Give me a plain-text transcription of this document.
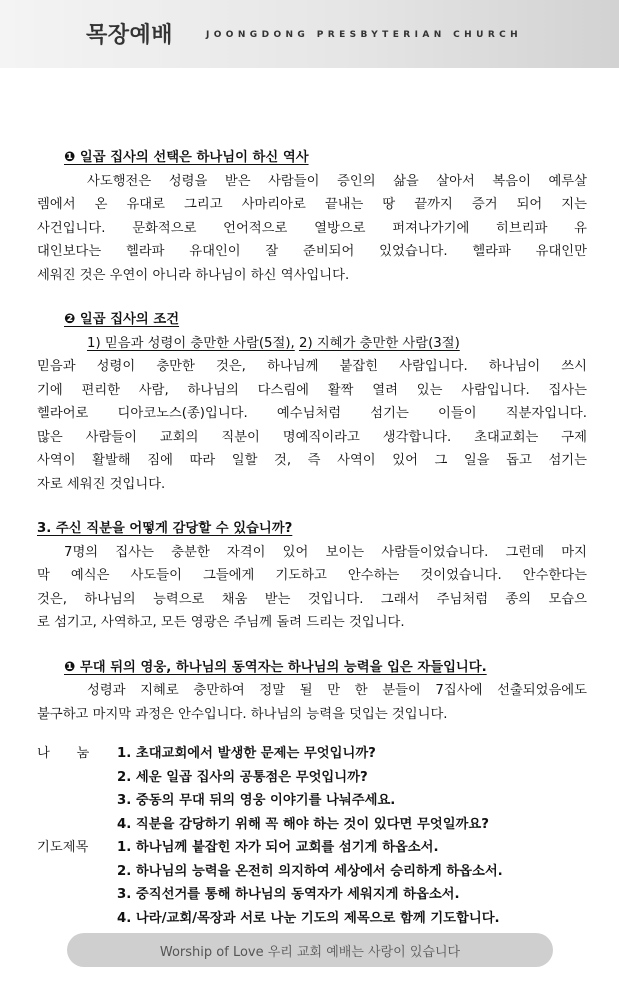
목장예배	JOONGDONG PRESBYTERIAN CHURCH
❶ 일곱 집사의 선택은 하나님이 하신 역사
사도행전은 성령을 받은 사람들이 증인의 삶을 살아서 복음이 예루살
렘에서 온 유대로 그리고 사마리아로 끝내는 땅 끝까지 증거 되어 지는
사건입니다. 문화적으로 언어적으로 열방으로 퍼져나가기에 히브리파 유
대인보다는 헬라파 유대인이 잘 준비되어 있었습니다. 헬라파 유대인만
세워진 것은 우연이 아니라 하나님이 하신 역사입니다.
❷ 일곱 집사의 조건
1) 믿음과 성령이 충만한 사람(5절), 2) 지혜가 충만한 사람(3절)
믿음과 성령이 충만한 것은, 하나님께 붙잡힌 사람입니다. 하나님이 쓰시
기에 편리한 사람, 하나님의 다스림에 활짝 열려 있는 사람입니다. 집사는
헬라어로 디아코노스(종)입니다. 예수님처럼 섬기는 이들이 직분자입니다.
많은 사람들이 교회의 직분이 명예직이라고 생각합니다. 초대교회는 구제
사역이 활발해 짐에 따라 일할 것, 즉 사역이 있어 그 일을 돕고 섬기는
자로 세워진 것입니다.
3. 주신 직분을 어떻게 감당할 수 있습니까?
7명의 집사는 충분한 자격이 있어 보이는 사람들이었습니다. 그런데 마지
막 예식은 사도들이 그들에게 기도하고 안수하는 것이었습니다. 안수한다는
것은, 하나님의 능력으로 채움 받는 것입니다. 그래서 주님처럼 종의 모습으
로 섬기고, 사역하고, 모든 영광은 주님께 돌려 드리는 것입니다.
❶ 무대 뒤의 영웅, 하나님의 동역자는 하나님의 능력을 입은 자들입니다.
성령과 지혜로 충만하여 정말 될 만 한 분들이 7집사에 선출되었음에도
불구하고 마지막 과정은 안수입니다. 하나님의 능력을 덧입는 것입니다.
나　　눔 1. 초대교회에서 발생한 문제는 무엇입니까?
2. 세운 일곱 집사의 공통점은 무엇입니까?
3. 중동의 무대 뒤의 영웅 이야기를 나눠주세요.
4. 직분을 감당하기 위해 꼭 해야 하는 것이 있다면 무엇일까요?
기도제목 1. 하나님께 붙잡힌 자가 되어 교회를 섬기게 하옵소서.
2. 하나님의 능력을 온전히 의지하여 세상에서 승리하게 하옵소서.
3. 중직선거를 통해 하나님의 동역자가 세워지게 하옵소서.
4. 나라/교회/목장과 서로 나눈 기도의 제목으로 함께 기도합니다.
Worship of Love 우리 교회 예배는 사랑이 있습니다
